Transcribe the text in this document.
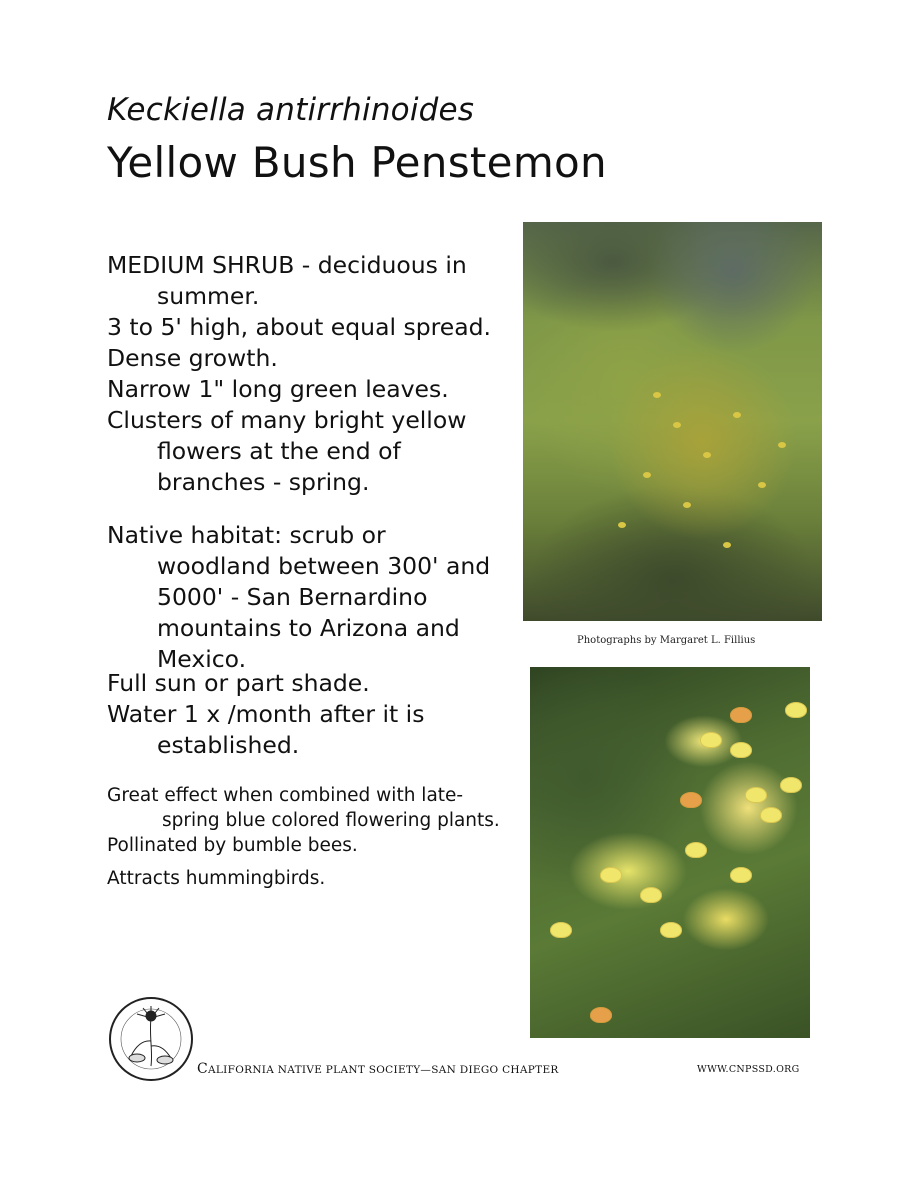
Keckiella antirrhinoides
Yellow Bush Penstemon
MEDIUM SHRUB - deciduous in summer.
3 to 5' high, about equal spread.
Dense growth.
Narrow 1" long green leaves.
Clusters of many bright yellow flowers at the end of branches - spring.
Native habitat: scrub or woodland between 300' and 5000' - San Bernardino mountains to Arizona and Mexico.
Full sun or part shade.
Water 1 x /month after it is established.
Great effect when combined with late-spring blue colored flowering plants.
Pollinated by bumble bees.
Attracts hummingbirds.
Photographs by Margaret L. Fillius
CALIFORNIA NATIVE PLANT SOCIETY—SAN DIEGO CHAPTER	WWW.CNPSSD.ORG
